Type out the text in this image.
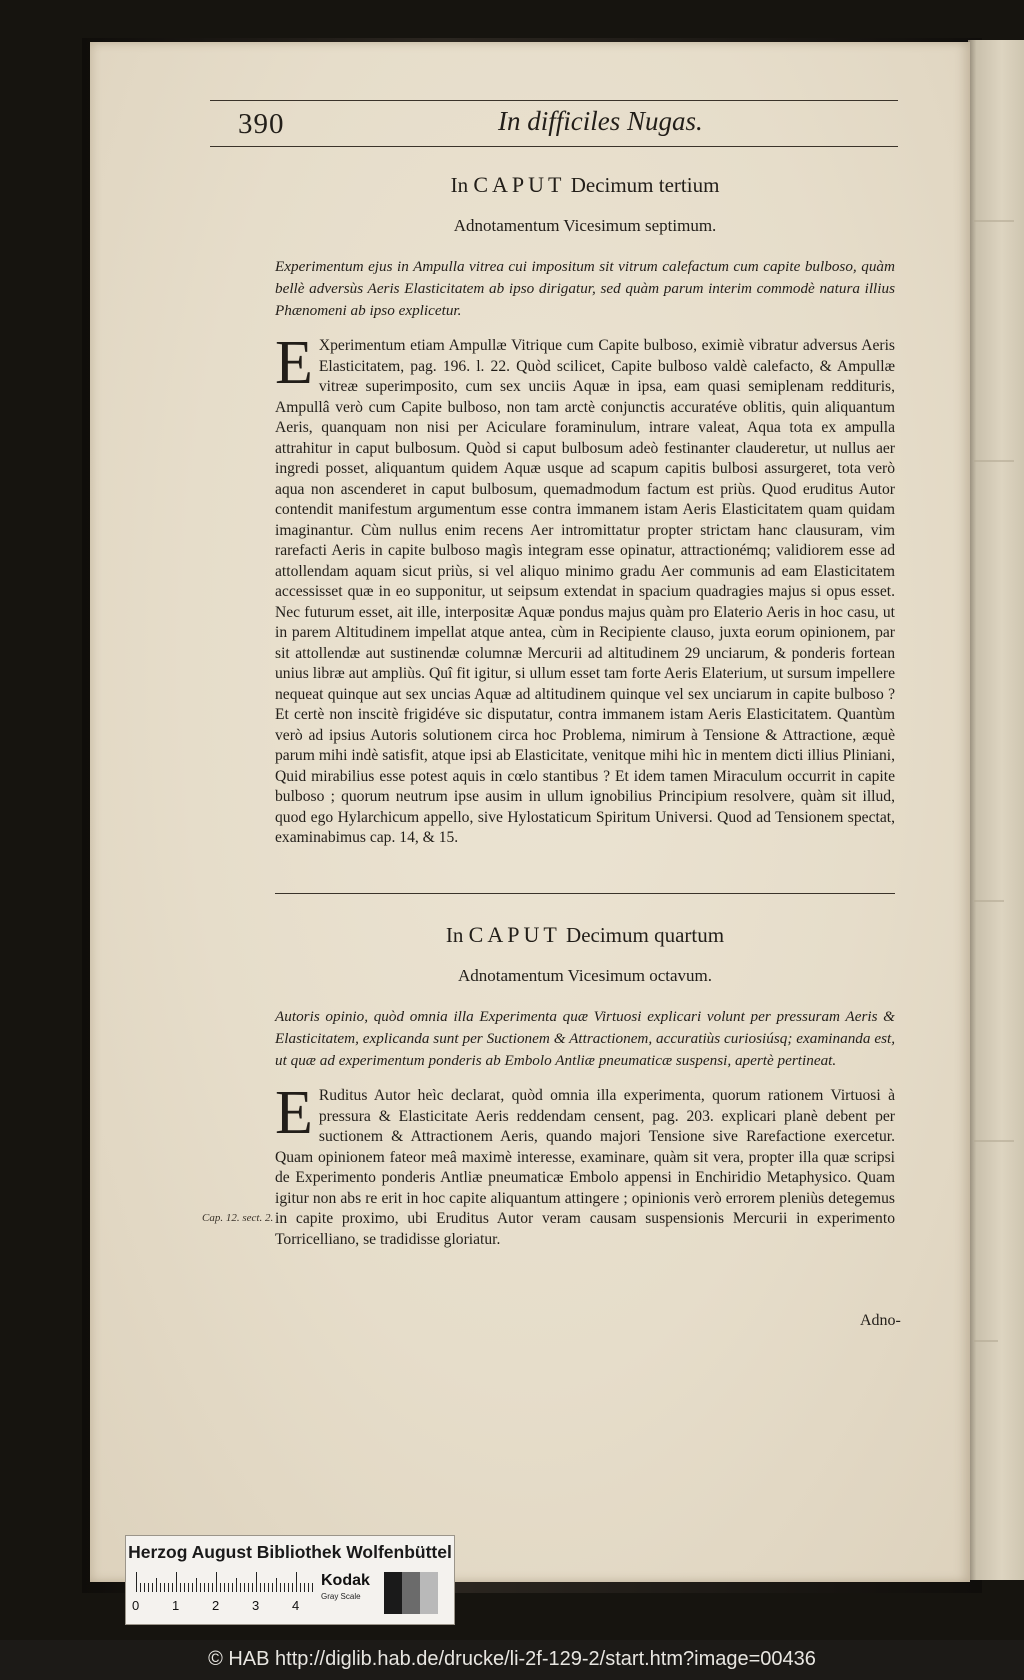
390	In difficiles Nugas.
In CAPUT Decimum tertium
Adnotamentum Vicesimum septimum.
Experimentum ejus in Ampulla vitrea cui impositum sit vitrum calefactum cum capite bulboso, quàm bellè adversùs Aeris Elasticitatem ab ipso dirigatur, sed quàm parum interim commodè natura illius Phænomeni ab ipso explicetur.
E Xperimentum etiam Ampullæ Vitrique cum Capite bulboso, eximiè vibratur adversus Aeris Elasticitatem, pag. 196. l. 22. Quòd scilicet, Capite bulboso valdè calefacto, & Ampullæ vitreæ superimposito, cum sex unciis Aquæ in ipsa, eam quasi semiplenam reddituris, Ampullâ verò cum Capite bulboso, non tam arctè conjunctis accuratéve oblitis, quin aliquantum Aeris, quanquam non nisi per Aciculare foraminulum, intrare valeat, Aqua tota ex ampulla attrahitur in caput bulbosum. Quòd si caput bulbosum adeò festinanter clauderetur, ut nullus aer ingredi posset, aliquantum quidem Aquæ usque ad scapum capitis bulbosi assurgeret, tota verò aqua non ascenderet in caput bulbosum, quemadmodum factum est priùs. Quod eruditus Autor contendit manifestum argumentum esse contra immanem istam Aeris Elasticitatem quam quidam imaginantur. Cùm nullus enim recens Aer intromittatur propter strictam hanc clausuram, vim rarefacti Aeris in capite bulboso magìs integram esse opinatur, attractionémq; validiorem esse ad attollendam aquam sicut priùs, si vel aliquo minimo gradu Aer communis ad eam Elasticitatem accessisset quæ in eo supponitur, ut seipsum extendat in spacium quadragies majus si opus esset. Nec futurum esset, ait ille, interpositæ Aquæ pondus majus quàm pro Elaterio Aeris in hoc casu, ut in parem Altitudinem impellat atque antea, cùm in Recipiente clauso, juxta eorum opinionem, par sit attollendæ aut sustinendæ columnæ Mercurii ad altitudinem 29 unciarum, & ponderis fortean unius libræ aut ampliùs. Quî fit igitur, si ullum esset tam forte Aeris Elaterium, ut sursum impellere nequeat quinque aut sex uncias Aquæ ad altitudinem quinque vel sex unciarum in capite bulboso ? Et certè non inscitè frigidéve sic disputatur, contra immanem istam Aeris Elasticitatem. Quantùm verò ad ipsius Autoris solutionem circa hoc Problema, nimirum à Tensione & Attractione, æquè parum mihi indè satisfit, atque ipsi ab Elasticitate, venitque mihi hìc in mentem dicti illius Pliniani, Quid mirabilius esse potest aquis in cœlo stantibus ? Et idem tamen Miraculum occurrit in capite bulboso ; quorum neutrum ipse ausim in ullum ignobilius Principium resolvere, quàm sit illud, quod ego Hylarchicum appello, sive Hylostaticum Spiritum Universi. Quod ad Tensionem spectat, examinabimus cap. 14, & 15.
In CAPUT Decimum quartum
Adnotamentum Vicesimum octavum.
Autoris opinio, quòd omnia illa Experimenta quæ Virtuosi explicari volunt per pressuram Aeris & Elasticitatem, explicanda sunt per Suctionem & Attractionem, accuratiùs curiosiúsq; examinanda est, ut quæ ad experimentum ponderis ab Embolo Antliæ pneumaticæ suspensi, apertè pertineat.
E Ruditus Autor heìc declarat, quòd omnia illa experimenta, quorum rationem Virtuosi à pressura & Elasticitate Aeris reddendam censent, pag. 203. explicari planè debent per suctionem & Attractionem Aeris, quando majori Tensione sive Rarefactione exercetur. Quam opinionem fateor meâ maximè interesse, examinare, quàm sit vera, propter illa quæ scripsi de Experimento ponderis Antliæ pneumaticæ Embolo appensi in Enchiridio Metaphysico. Quam igitur non abs re erit in hoc capite aliquantum attingere ; opinionis verò errorem pleniùs detegemus in capite proximo, ubi Eruditus Autor veram causam suspensionis Mercurii in experimento Torricelliano, se tradidisse gloriatur.
Cap. 12. sect. 2.
Adno-
Herzog August Bibliothek Wolfenbüttel
0	1	2	3	4
Kodak
Gray Scale
© HAB http://diglib.hab.de/drucke/li-2f-129-2/start.htm?image=00436
